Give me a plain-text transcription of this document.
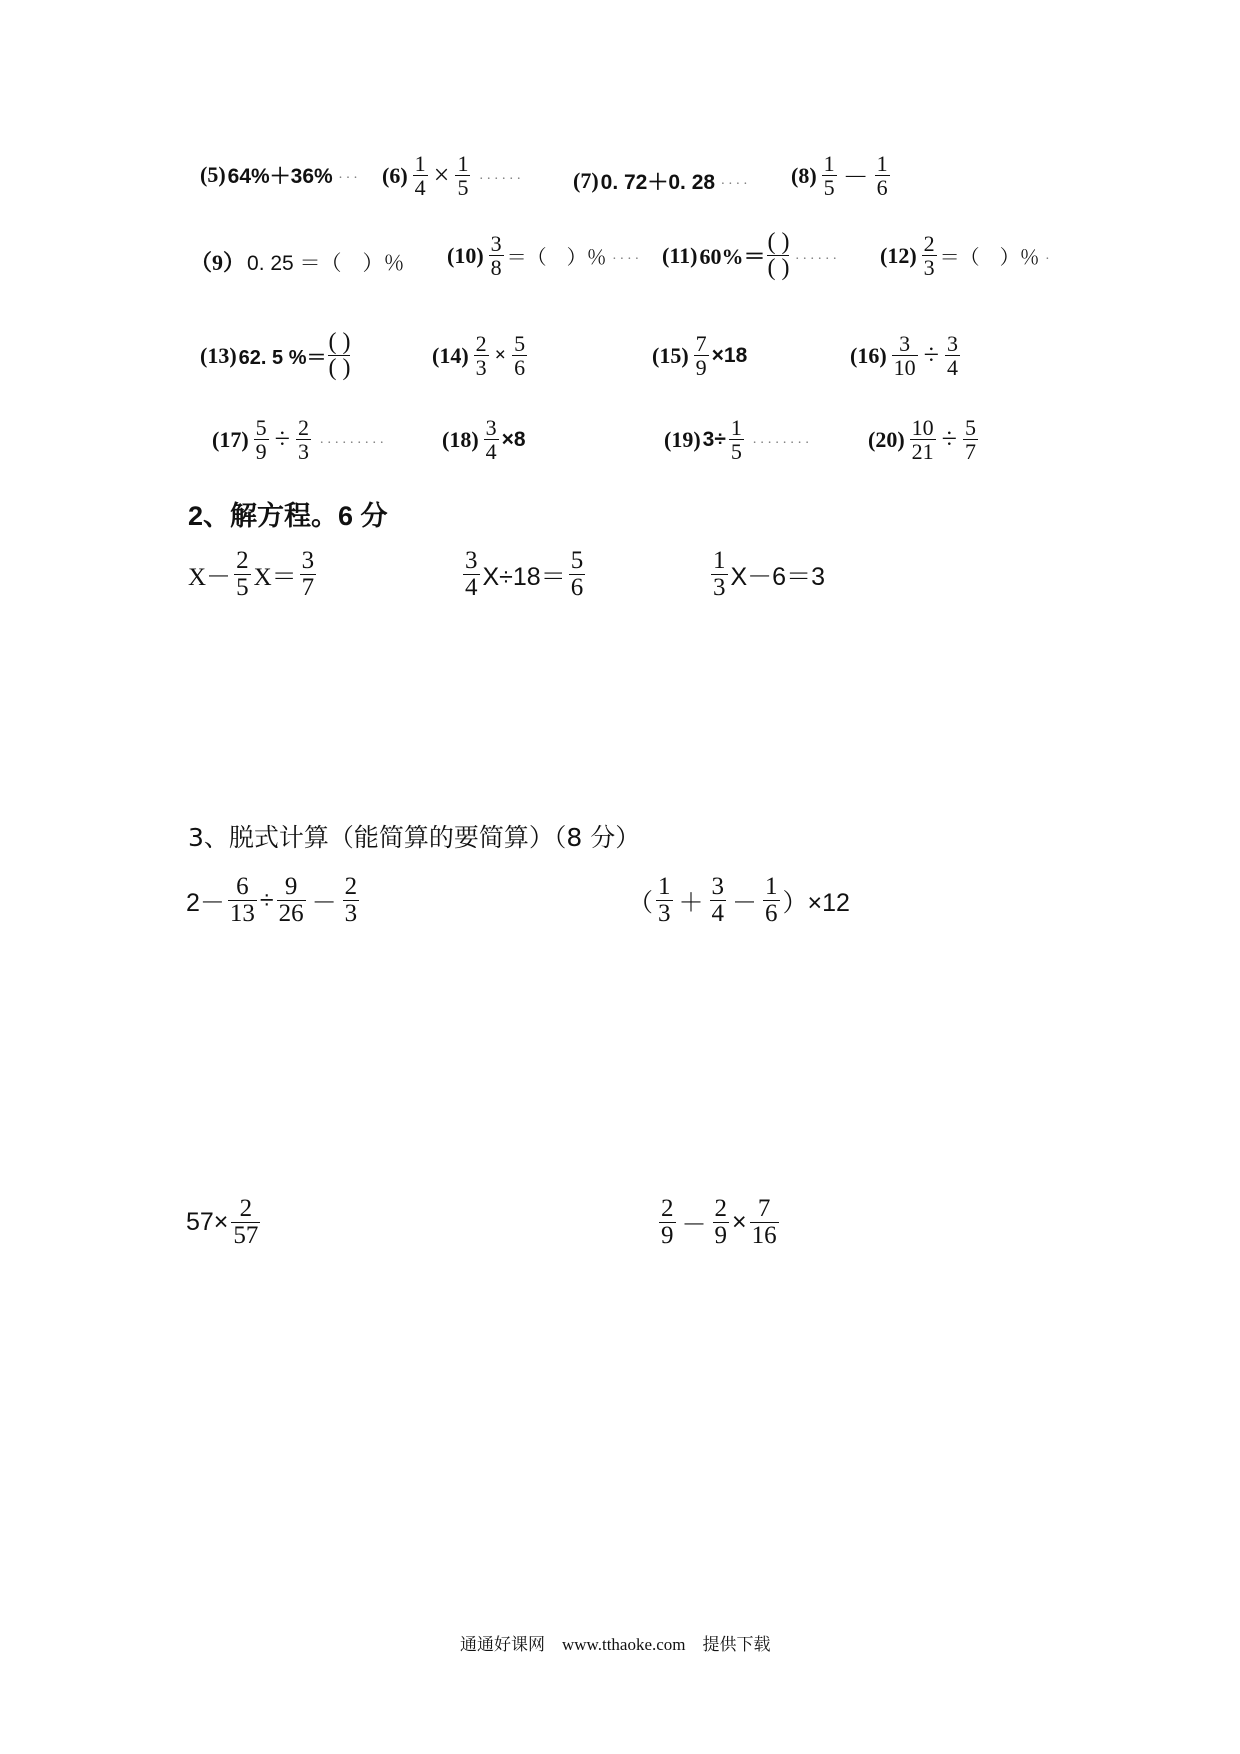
(5) 64%＋36% ... $(6) \frac{1}{4} \times \frac{1}{5}$ ...... (7) 0. 72＋0. 28 .... $(8) \frac{1}{5} - \frac{1}{6}$
（9） 0. 25 ＝（　）％ $(10) \frac{3}{8}$ ＝（　）％ .... (11) 60%＝
( )
( ) ...... $(12) \frac{2}{3}$ ＝（　）％ .
(13) 62. 5 %＝
( )
( )
$(14) \frac{2}{3} \times \frac{5}{6}$	$(15) \frac{7}{9} \times 18$	$(16) \frac{3}{10} \div \frac{3}{4}$
$(17) \frac{5}{9} \div \frac{2}{3}$ ......... $(18) \frac{3}{4} \times 8$	(19) $3\div \frac{1}{5}$ ........	$(20) \frac{10}{21} \div \frac{5}{7}$
2、解方程。6 分
$X- \frac{2}{5} X= \frac{3}{7}$	$\frac{3}{4} X\div 18= \frac{5}{6}$	$\frac{1}{3} X-6=3$
3、脱式计算（能简算的要简算）（8 分）
$2- \frac{6}{13} \div \frac{9}{26} - \frac{2}{3}$	（ $\frac{1}{3} + \frac{3}{4} - \frac{1}{6} )\times 12$
$57\times \frac{2}{57}$	$\frac{2}{9} - \frac{2}{9} \times \frac{7}{16}$
通通好课网　www.tthaoke.com　提供下载
